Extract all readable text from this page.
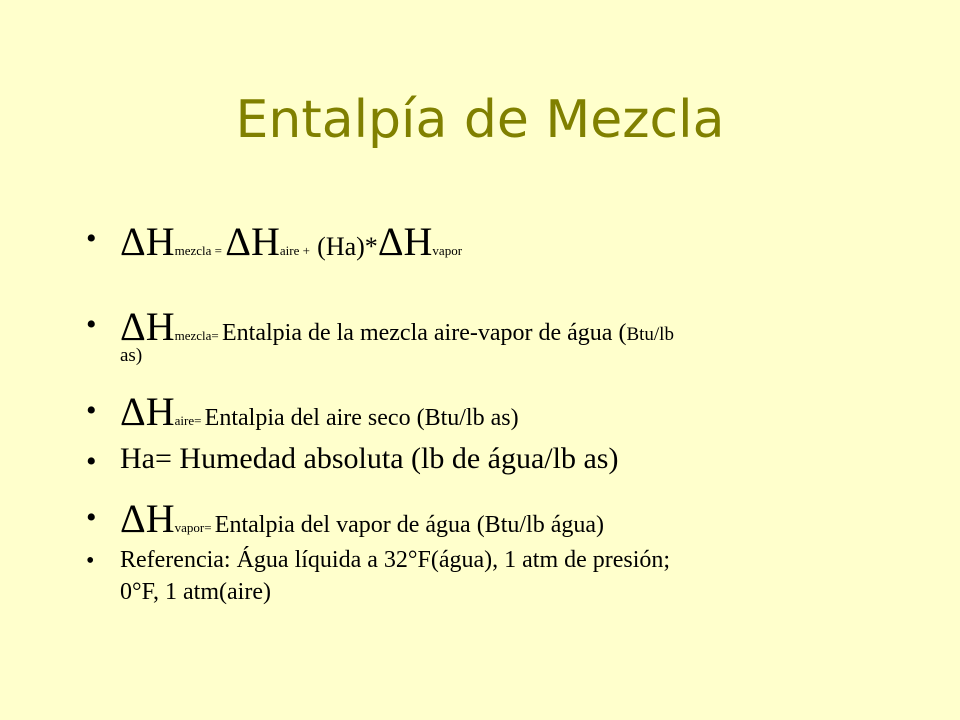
Entalpía de Mezcla
• ΔHmezcla = ΔHaire +  (Ha)*ΔHvapor
• ΔHmezcla= Entalpia de la mezcla aire-vapor de água (Btu/lb
as)
• ΔHaire= Entalpia del aire seco (Btu/lb as)
• Ha= Humedad absoluta (lb de água/lb as)
• ΔHvapor= Entalpia del vapor de água (Btu/lb água)
• Referencia: Água líquida a 32°F(água), 1 atm de presión;
0°F, 1 atm(aire)
